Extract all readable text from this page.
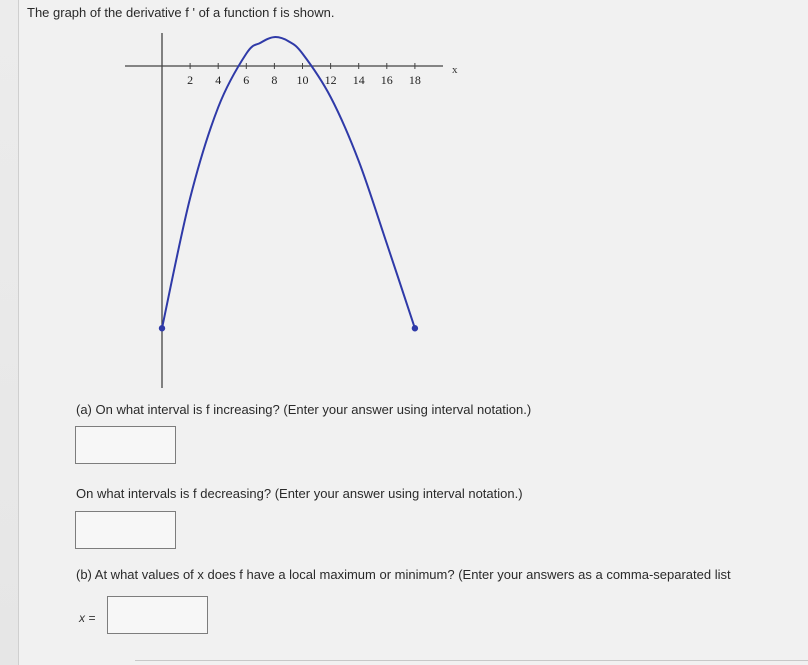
The graph of the derivative f ' of a function f is shown.
x
2 4 6 8 10 12 14 16 18
(a) On what interval is f increasing? (Enter your answer using interval notation.)
On what intervals is f decreasing? (Enter your answer using interval notation.)
(b) At what values of x does f have a local maximum or minimum? (Enter your answers as a comma-separated list
x =
